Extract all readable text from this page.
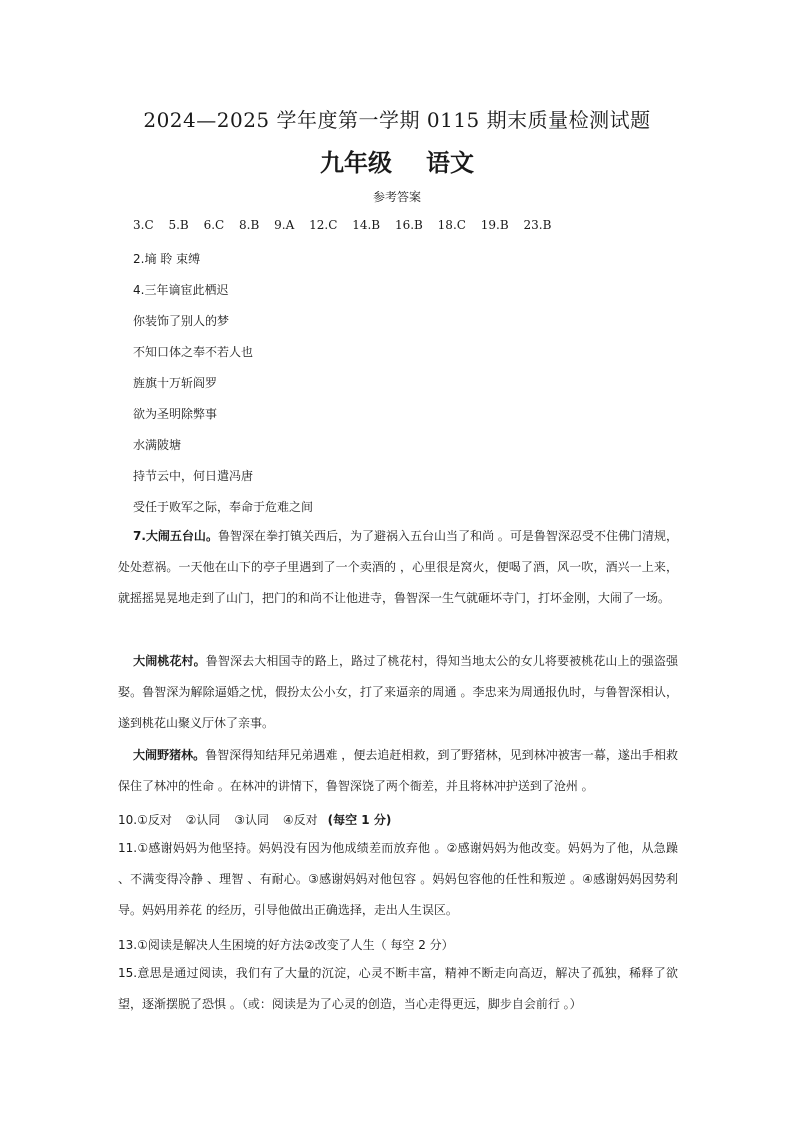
2024—2025 学年度第一学期 0115 期末质量检测试题
九年级 语文
参考答案
3.C 5.B 6.C 8.B 9.A 12.C 14.B 16.B 18.C 19.B 23.B
2.墒 聆 束缚
4.三年谪宦此栖迟
你装饰了别人的梦
不知口体之奉不若人也
旌旗十万斩阎罗
欲为圣明除弊事
水满陂塘
持节云中，何日遣冯唐
受任于败军之际，奉命于危难之间
7.大闹五台山。鲁智深在拳打镇关西后，为了避祸入五台山当了和尚 。可是鲁智深忍受不住佛门清规，处处惹祸。一天他在山下的亭子里遇到了一个卖酒的 ，心里很是窝火，便喝了酒，风一吹，酒兴一上来，就摇摇晃晃地走到了山门，把门的和尚不让他进寺，鲁智深一生气就砸坏寺门，打坏金刚，大闹了一场。
大闹桃花村。鲁智深去大相国寺的路上，路过了桃花村，得知当地太公的女儿将要被桃花山上的强盗强娶。鲁智深为解除逼婚之忧，假扮太公小女，打了来逼亲的周通 。李忠来为周通报仇时，与鲁智深相认，遂到桃花山聚义厅休了亲事。
大闹野猪林。鲁智深得知结拜兄弟遇难 ，便去追赶相救，到了野猪林，见到林冲被害一幕，遂出手相救保住了林冲的性命 。在林冲的讲情下，鲁智深饶了两个衙差，并且将林冲护送到了沧州 。
10.①反对 ②认同 ③认同 ④反对 (每空 1 分)
11.①感谢妈妈为他坚持。妈妈没有因为他成绩差而放弃他 。②感谢妈妈为他改变。妈妈为了他，从急躁 、不满变得冷静 、理智 、有耐心。③感谢妈妈对他包容 。妈妈包容他的任性和叛逆 。④感谢妈妈因势利导。妈妈用养花 的经历，引导他做出正确选择，走出人生误区。
13.①阅读是解决人生困境的好方法②改变了人生（ 每空 2 分）
15.意思是通过阅读，我们有了大量的沉淀，心灵不断丰富，精神不断走向高迈，解决了孤独，稀释了欲望，逐渐摆脱了恐惧 。（或：阅读是为了心灵的创造，当心走得更远，脚步自会前行 。）
